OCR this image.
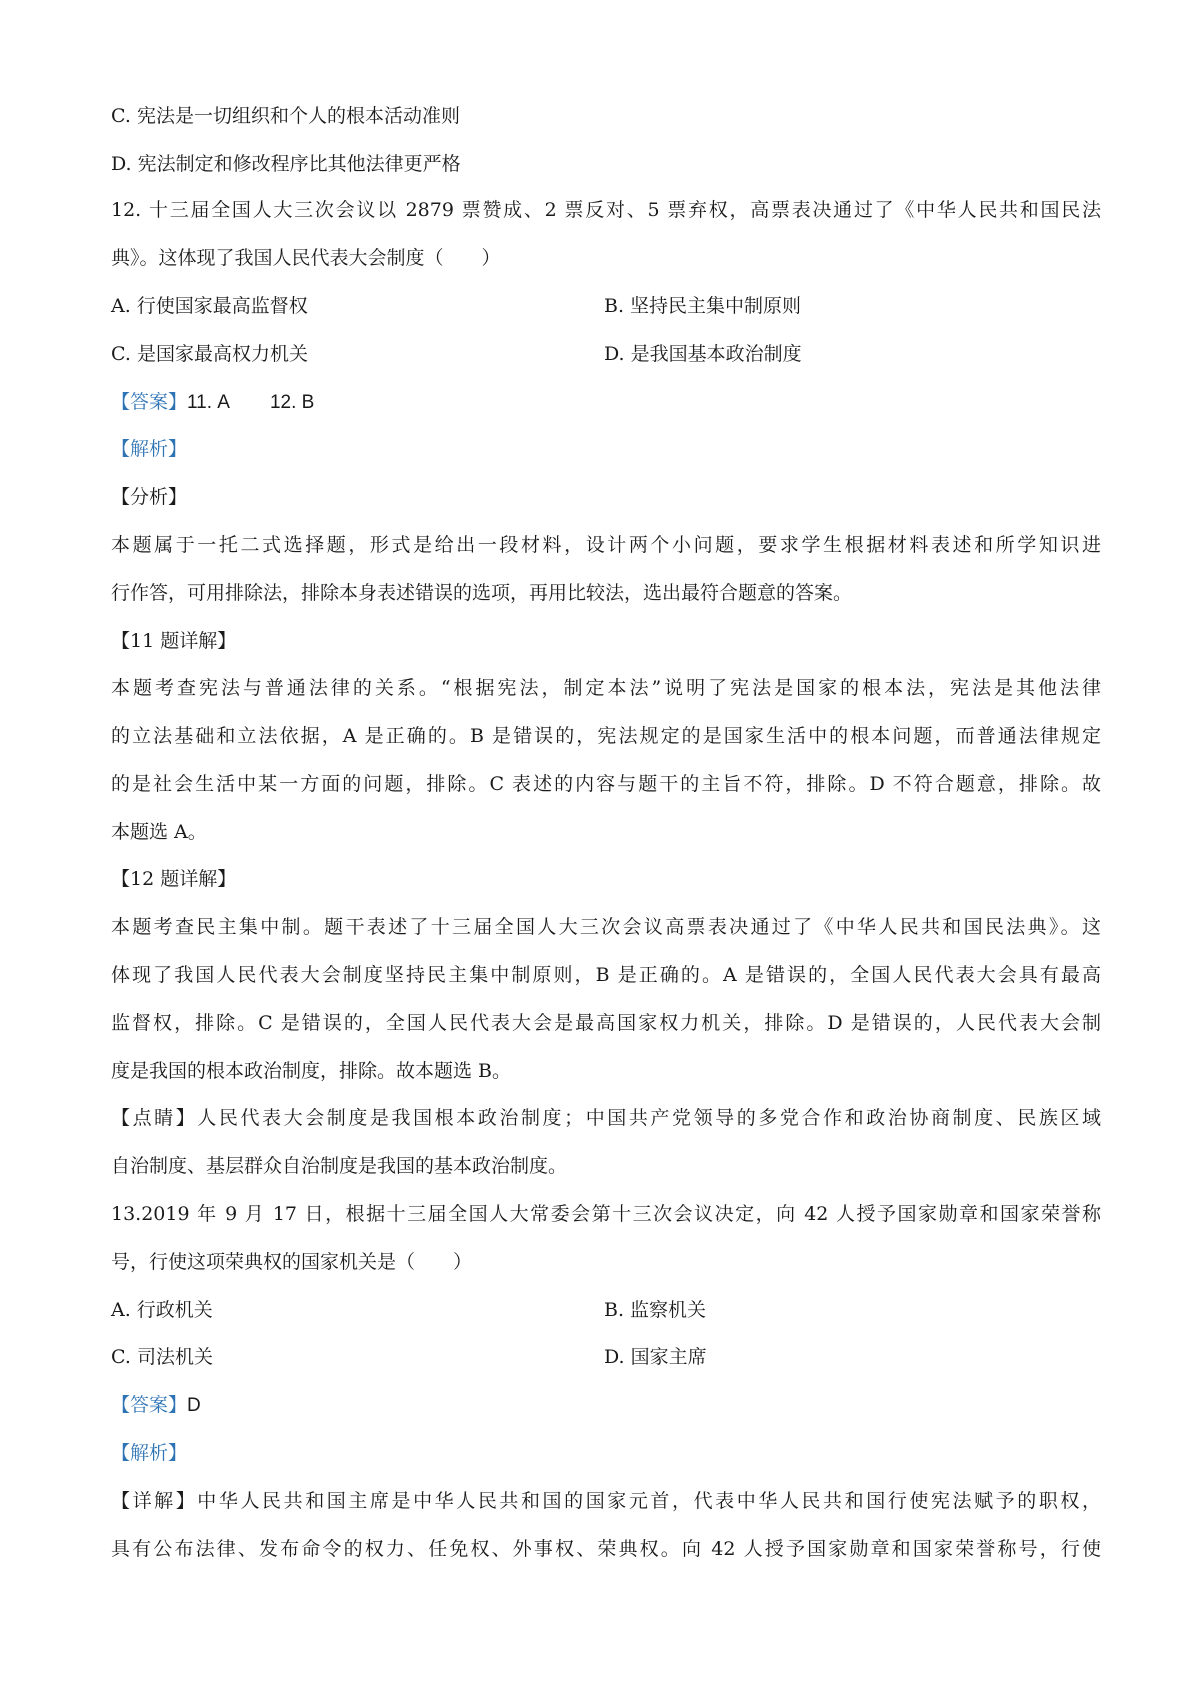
C. 宪法是一切组织和个人的根本活动准则
D. 宪法制定和修改程序比其他法律更严格
12. 十三届全国人大三次会议以 2879 票赞成、2 票反对、5 票弃权，高票表决通过了《中华人民共和国民法
典》。这体现了我国人民代表大会制度（　　）
A. 行使国家最高监督权	B. 坚持民主集中制原则
C. 是国家最高权力机关	D. 是我国基本政治制度
【答案】11. A 12. B
【解析】
【分析】
本题属于一托二式选择题，形式是给出一段材料，设计两个小问题，要求学生根据材料表述和所学知识进
行作答，可用排除法，排除本身表述错误的选项，再用比较法，选出最符合题意的答案。
【11 题详解】
本题考查宪法与普通法律的关系。“根据宪法，制定本法”说明了宪法是国家的根本法，宪法是其他法律
的立法基础和立法依据，A 是正确的。B 是错误的，宪法规定的是国家生活中的根本问题，而普通法律规定
的是社会生活中某一方面的问题，排除。C 表述的内容与题干的主旨不符，排除。D 不符合题意，排除。故
本题选 A。
【12 题详解】
本题考查民主集中制。题干表述了十三届全国人大三次会议高票表决通过了《中华人民共和国民法典》。这
体现了我国人民代表大会制度坚持民主集中制原则，B 是正确的。A 是错误的，全国人民代表大会具有最高
监督权，排除。C 是错误的，全国人民代表大会是最高国家权力机关，排除。D 是错误的，人民代表大会制
度是我国的根本政治制度，排除。故本题选 B。
【点睛】人民代表大会制度是我国根本政治制度；中国共产党领导的多党合作和政治协商制度、民族区域
自治制度、基层群众自治制度是我国的基本政治制度。
13.2019 年 9 月 17 日，根据十三届全国人大常委会第十三次会议决定，向 42 人授予国家勋章和国家荣誉称
号，行使这项荣典权的国家机关是（　　）
A. 行政机关	B. 监察机关
C. 司法机关	D. 国家主席
【答案】D
【解析】
【详解】中华人民共和国主席是中华人民共和国的国家元首，代表中华人民共和国行使宪法赋予的职权，
具有公布法律、发布命令的权力、任免权、外事权、荣典权。向 42 人授予国家勋章和国家荣誉称号，行使
